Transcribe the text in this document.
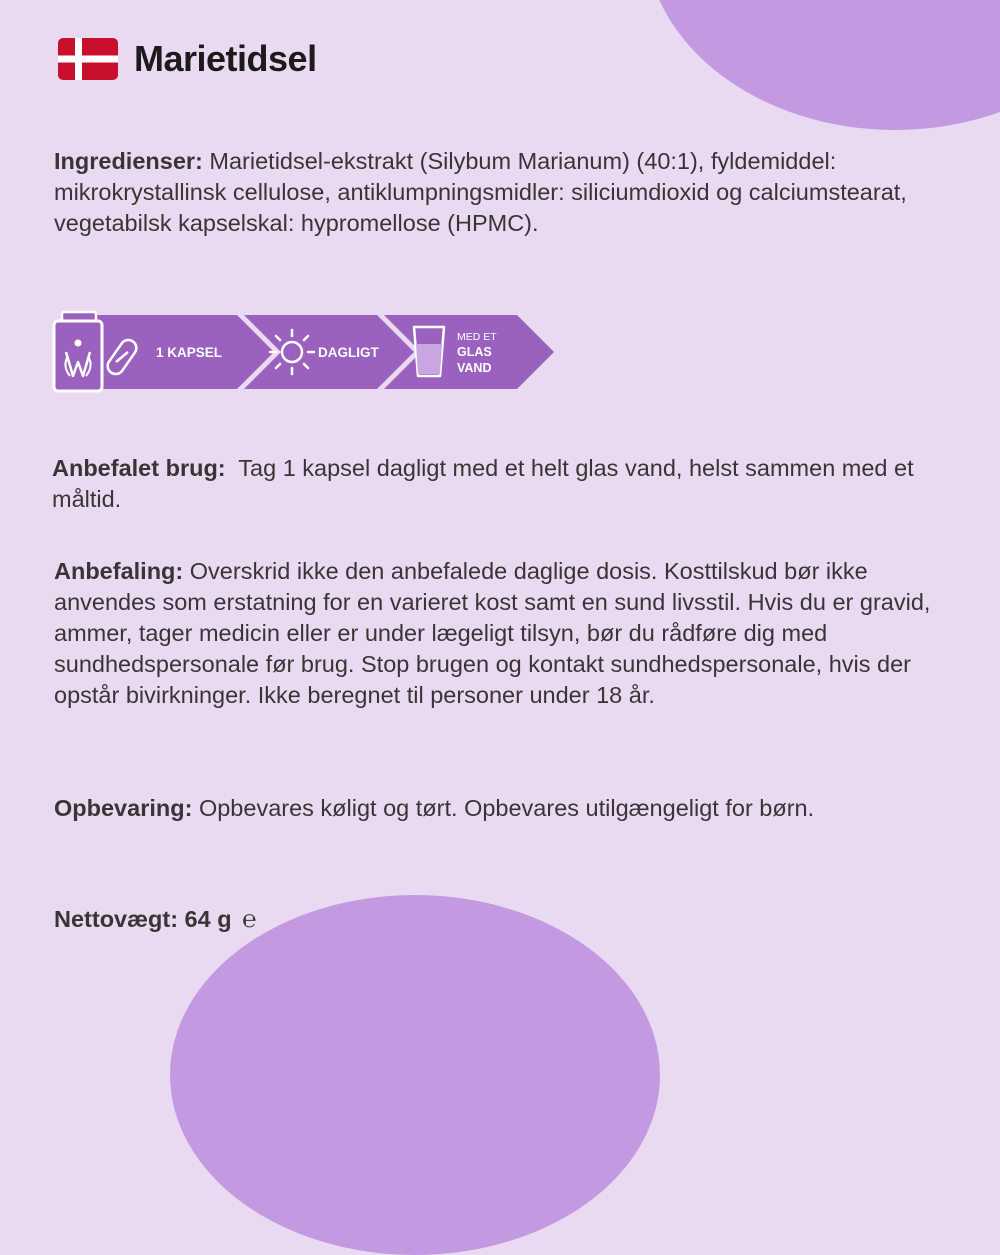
Marietidsel
Ingredienser: Marietidsel-ekstrakt (Silybum Marianum) (40:1), fyldemiddel: mikrokrystallinsk cellulose, antiklumpningsmidler: siliciumdioxid og calciumstearat, vegetabilsk kapselskal: hypromellose (HPMC).
1 KAPSEL	DAGLIGT
MED ET
GLAS
VAND
Anbefalet brug: Tag 1 kapsel dagligt med et helt glas vand, helst sammen med et måltid.
Anbefaling: Overskrid ikke den anbefalede daglige dosis. Kosttilskud bør ikke anvendes som erstatning for en varieret kost samt en sund livsstil. Hvis du er gravid, ammer, tager medicin eller er under lægeligt tilsyn, bør du rådføre dig med sundhedspersonale før brug. Stop brugen og kontakt sundhedspersonale, hvis der opstår bivirkninger. Ikke beregnet til personer under 18 år.
Opbevaring: Opbevares køligt og tørt. Opbevares utilgængeligt for børn.
Nettovægt: 64 g ℮
